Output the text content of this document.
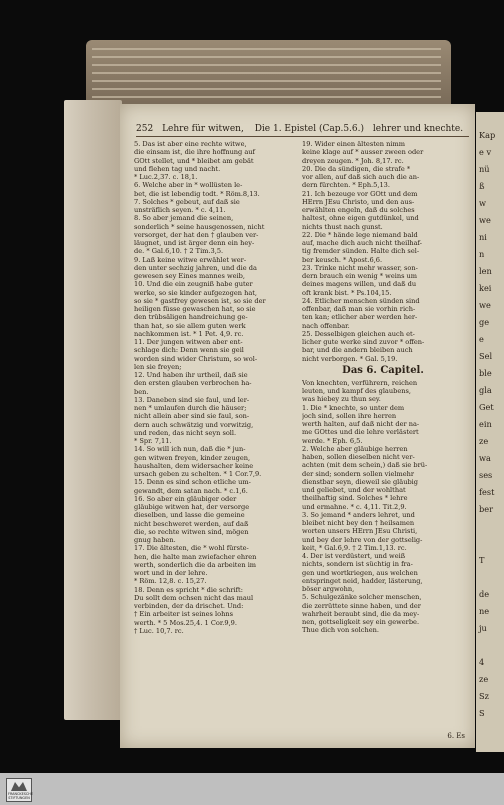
Kap
e v
nü
ß
w
we
ni
n
len
kei
we
ge
e
Sel
ble
gla
Get
ein
ze
wa
ses
fest
ber
T
de
ne
ju
4
ze
Sz
S
252 Lehre für witwen, Die 1. Epistel (Cap.5.6.) lehrer und knechte.
5. Das ist aber eine rechte witwe,
die einsam ist, die ihre hoffnung auf
GOtt stellet, und * bleibet am gebät
und flehen tag und nacht.
* Luc.2,37. c. 18,1.
6. Welche aber in * wollüsten le-
bet, die ist lebendig todt. * Röm.8,13.
7. Solches * gebeut, auf daß sie
unsträflich seyen. * c. 4,11.
8. So aber jemand die seinen,
sonderlich * seine hausgenossen, nicht
versorget, der hat den † glauben ver-
läugnet, und ist ärger denn ein hey-
de. * Gal.6,10. † 2 Tim.3,5.
9. Laß keine witwe erwählet wer-
den unter sechzig jahren, und die da
gewesen sey Eines mannes weib,
10. Und die ein zeugniß habe guter
werke, so sie kinder aufgezogen hat,
so sie * gastfrey gewesen ist, so sie der
heiligen füsse gewaschen hat, so sie
den trübsäligen handreichung ge-
than hat, so sie allem guten werk
nachkommen ist. * 1 Pet. 4,9. rc.
11. Der jungen witwen aber ent-
schlage dich: Denn wenn sie geil
worden sind wider Christum, so wol-
len sie freyen;
12. Und haben ihr urtheil, daß sie
den ersten glauben verbrochen ha-
ben.
13. Daneben sind sie faul, und ler-
nen * umlaufen durch die häuser;
nicht allein aber sind sie faul, son-
dern auch schwätzig und vorwitzig,
und reden, das nicht seyn soll.
* Spr. 7,11.
14. So will ich nun, daß die * jun-
gen witwen freyen, kinder zeugen,
haushalten, dem widersacher keine
ursach geben zu schelten. * 1 Cor.7,9.
15. Denn es sind schon etliche um-
gewandt, dem satan nach. * c.1,6.
16. So aber ein gläubiger oder
gläubige witwen hat, der versorge
dieselben, und lasse die gemeine
nicht beschweret werden, auf daß
die, so rechte witwen sind, mögen
gnug haben.
17. Die ältesten, die * wohl fürste-
hen, die halte man zwiefacher ehren
werth, sonderlich die da arbeiten im
wort und in der lehre.
* Röm. 12,8. c. 15,27.
18. Denn es spricht * die schrift:
Du sollt dem ochsen nicht das maul
verbinden, der da drischet. Und:
† Ein arbeiter ist seines lohns
werth. * 5 Mos.25,4. 1 Cor.9,9.
† Luc. 10,7. rc.
19. Wider einen ältesten nimm
keine klage auf * ausser zween oder
dreyen zeugen. * Joh. 8,17. rc.
20. Die da sündigen, die strafe *
vor allen, auf daß sich auch die an-
dern fürchten. * Eph.5,13.
21. Ich bezeuge vor GOtt und dem
HErrn JEsu Christo, und den aus-
erwählten engeln, daß du solches
haltest, ohne eigen gutdünkel, und
nichts thust nach gunst.
22. Die * hände lege niemand bald
auf, mache dich auch nicht theilhaf-
tig fremder sünden. Halte dich sel-
ber keusch. * Apost.6,6.
23. Trinke nicht mehr wasser, son-
dern brauch ein wenig * weins um
deines magens willen, und daß du
oft krank bist. * Ps.104,15.
24. Etlicher menschen sünden sind
offenbar, daß man sie vorhin rich-
ten kan; etlicher aber werden her-
nach offenbar.
25. Desselbigen gleichen auch et-
licher gute werke sind zuvor * offen-
bar, und die andern bleiben auch
nicht verborgen. * Gal. 5,19.
Das 6. Capitel.
Von knechten, verführern, reichen
leuten, und kampf des glaubens,
was hiebey zu thun sey.
1. Die * knechte, so unter dem
joch sind, sollen ihre herren
werth halten, auf daß nicht der na-
me GOttes und die lehre verlästert
werde. * Eph. 6,5.
2. Welche aber gläubige herren
haben, sollen dieselben nicht ver-
achten (mit dem schein,) daß sie brü-
der sind; sondern sollen vielmehr
dienstbar seyn, dieweil sie gläubig
und geliebet, und der wohlthat
theilhaftig sind. Solches * lehre
und ermahne. * c. 4,11. Tit.2,9.
3. So jemand * anders lehret, und
bleibet nicht bey den † heilsamen
worten unsers HErrn JEsu Christi,
und bey der lehre von der gottselig-
keit, * Gal.6,9. † 2 Tim.1,13. rc.
4. Der ist verdüstert, und weiß
nichts, sondern ist süchtig in fra-
gen und wortkriegen, aus welchen
entspringet neid, hadder, lästerung,
böser argwohn,
5. Schulgezänke solcher menschen,
die zerrüttete sinne haben, und der
wahrheit beraubt sind, die da mey-
nen, gottseligkeit sey ein gewerbe.
Thue dich von solchen.
6. Es
FRANCKESCHE STIFTUNGEN
